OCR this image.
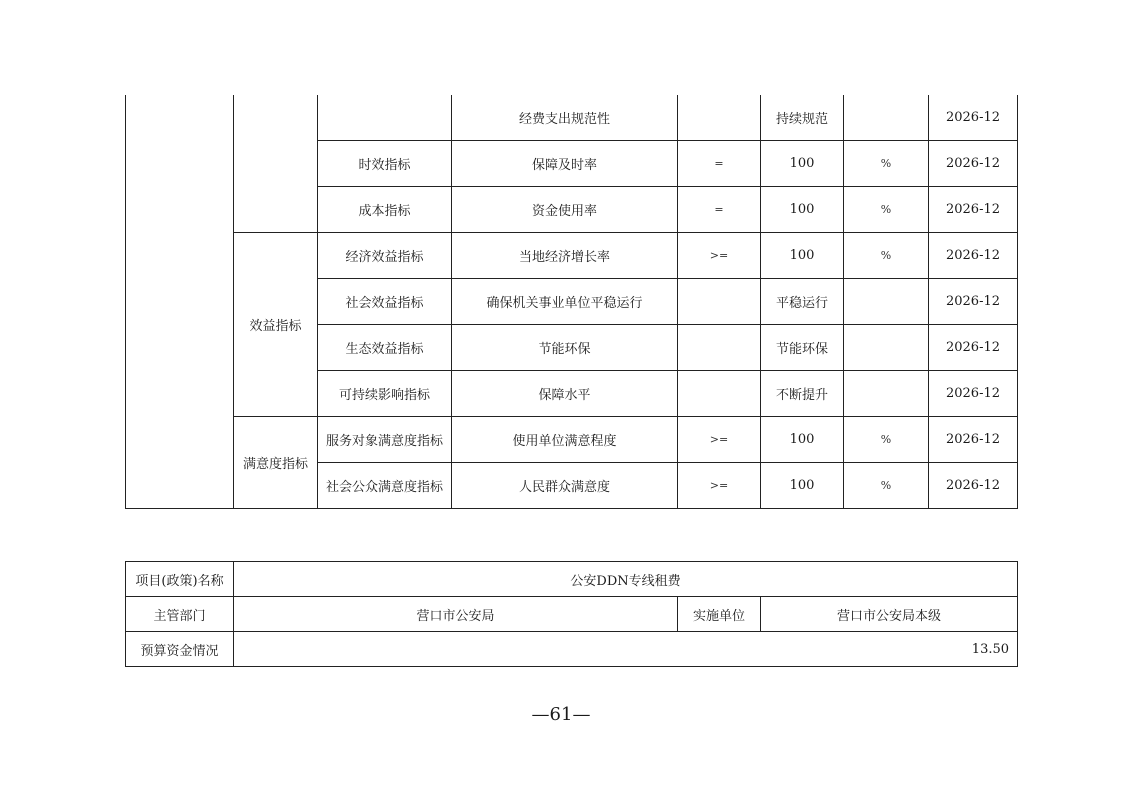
			经费支出规范性		持续规范		2026-12
		时效指标	保障及时率	=	100	%	2026-12
		成本指标	资金使用率	=	100	%	2026-12
	效益指标	经济效益指标	当地经济增长率	>=	100	%	2026-12
		社会效益指标	确保机关事业单位平稳运行		平稳运行		2026-12
		生态效益指标	节能环保		节能环保		2026-12
		可持续影响指标	保障水平		不断提升		2026-12
	满意度指标	服务对象满意度指标	使用单位满意程度	>=	100	%	2026-12
		社会公众满意度指标	人民群众满意度	>=	100	%	2026-12
项目(政策)名称	公安DDN专线租费		
主管部门	营口市公安局	实施单位	营口市公安局本级
预算资金情况	13.50		
—61—
